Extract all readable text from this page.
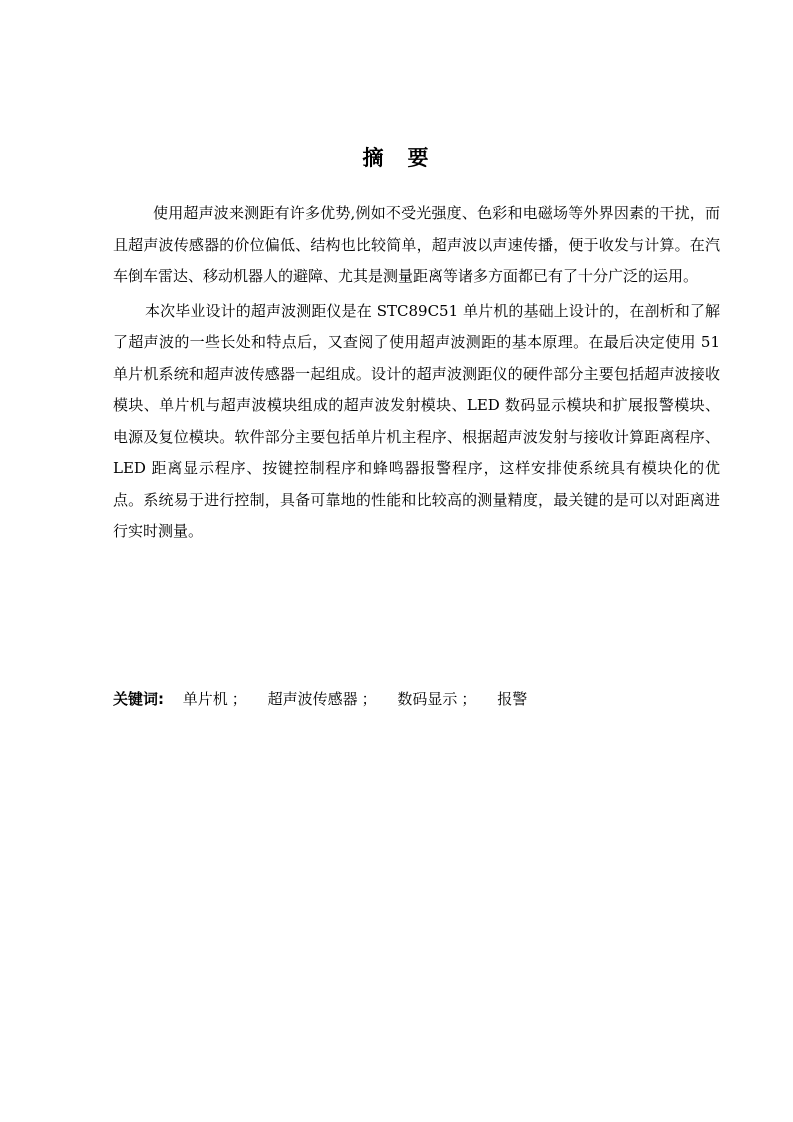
摘 要

使用超声波来测距有许多优势,例如不受光强度、色彩和电磁场等外界因素的干扰，而且超声波传感器的价位偏低、结构也比较简单，超声波以声速传播，便于收发与计算。在汽车倒车雷达、移动机器人的避障、尤其是测量距离等诸多方面都已有了十分广泛的运用。

本次毕业设计的超声波测距仪是在 STC89C51 单片机的基础上设计的，在剖析和了解了超声波的一些长处和特点后，又查阅了使用超声波测距的基本原理。在最后决定使用 51 单片机系统和超声波传感器一起组成。设计的超声波测距仪的硬件部分主要包括超声波接收模块、单片机与超声波模块组成的超声波发射模块、LED 数码显示模块和扩展报警模块、电源及复位模块。软件部分主要包括单片机主程序、根据超声波发射与接收计算距离程序、LED 距离显示程序、按键控制程序和蜂鸣器报警程序，这样安排使系统具有模块化的优点。系统易于进行控制，具备可靠地的性能和比较高的测量精度，最关键的是可以对距离进行实时测量。

关键词: 单片机 ； 超声波传感器 ； 数码显示 ； 报警
